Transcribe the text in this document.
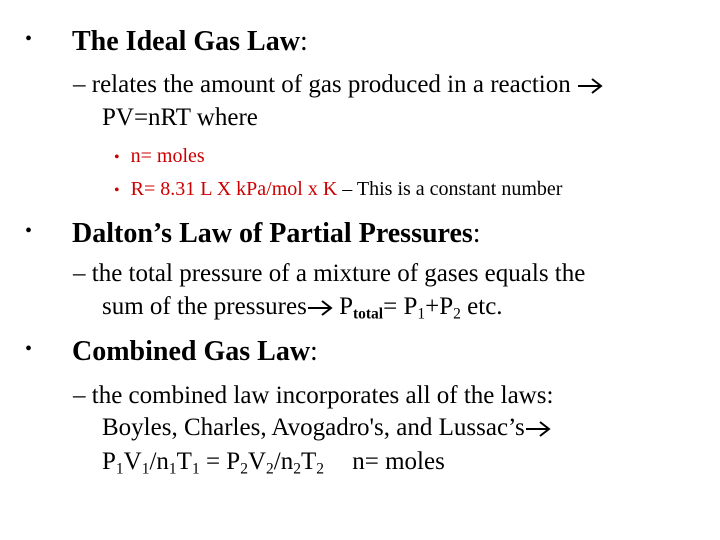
• The Ideal Gas Law:
– relates the amount of gas produced in a reaction
PV=nRT where
• n= moles
• R= 8.31 L X kPa/mol x K – This is a constant number
• Dalton’s Law of Partial Pressures:
– the total pressure of a mixture of gases equals the
sum of the pressures $P_{total}= P_1+P_2$ etc.
• Combined Gas Law:
– the combined law incorporates all of the laws:
Boyles, Charles, Avogadro's, and Lussac’s
$P_1V_1/n_1T_1 = P_2V_2/n_2T_2$ n= moles
